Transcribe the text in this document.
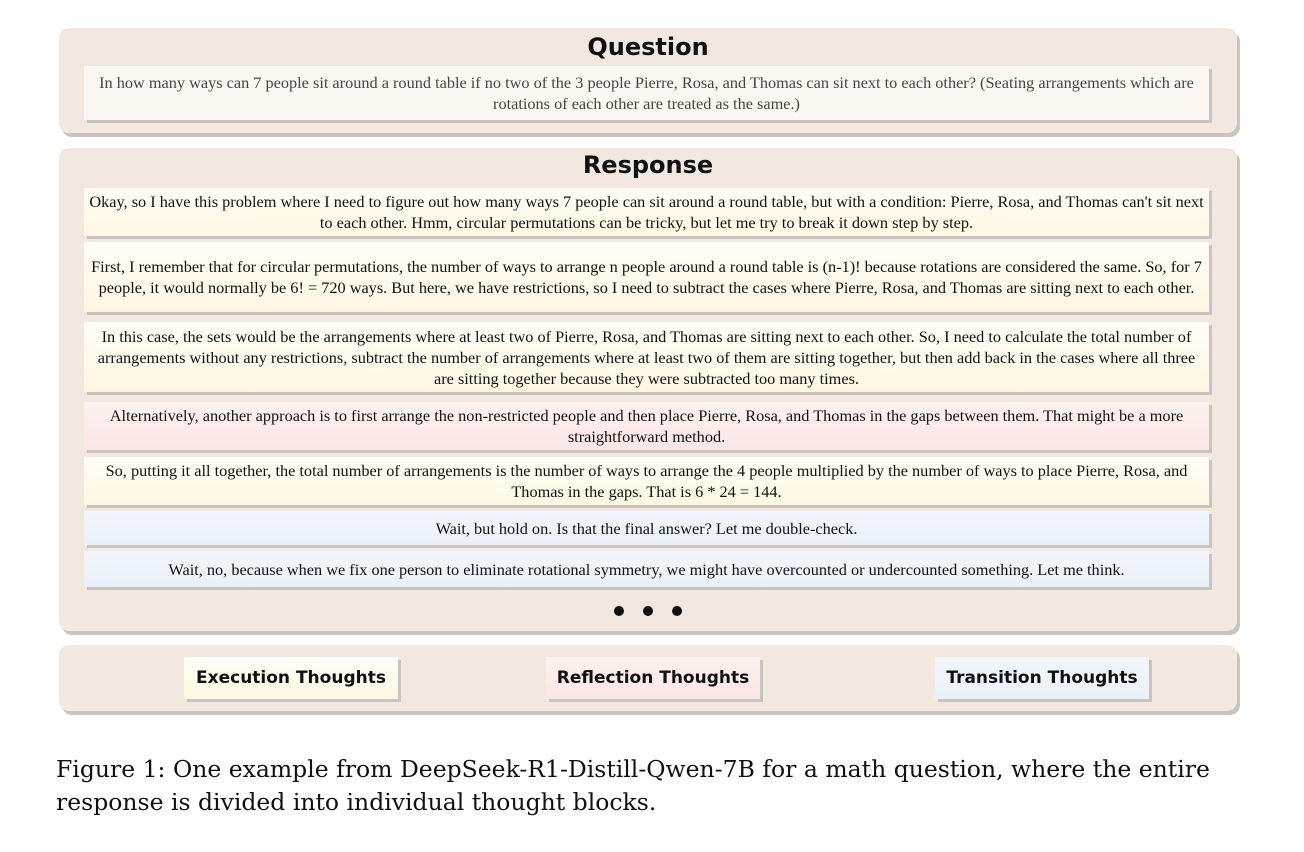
Question
In how many ways can 7 people sit around a round table if no two of the 3 people Pierre, Rosa, and Thomas can sit next to each other? (Seating arrangements which are rotations of each other are treated as the same.)
Response
Okay, so I have this problem where I need to figure out how many ways 7 people can sit around a round table, but with a condition: Pierre, Rosa, and Thomas can't sit next to each other. Hmm, circular permutations can be tricky, but let me try to break it down step by step.
First, I remember that for circular permutations, the number of ways to arrange n people around a round table is (n-1)! because rotations are considered the same. So, for 7 people, it would normally be 6! = 720 ways. But here, we have restrictions, so I need to subtract the cases where Pierre, Rosa, and Thomas are sitting next to each other.
In this case, the sets would be the arrangements where at least two of Pierre, Rosa, and Thomas are sitting next to each other. So, I need to calculate the total number of arrangements without any restrictions, subtract the number of arrangements where at least two of them are sitting together, but then add back in the cases where all three are sitting together because they were subtracted too many times.
Alternatively, another approach is to first arrange the non-restricted people and then place Pierre, Rosa, and Thomas in the gaps between them. That might be a more straightforward method.
So, putting it all together, the total number of arrangements is the number of ways to arrange the 4 people multiplied by the number of ways to place Pierre, Rosa, and Thomas in the gaps. That is 6 * 24 = 144.
Wait, but hold on. Is that the final answer? Let me double-check.
Wait, no, because when we fix one person to eliminate rotational symmetry, we might have overcounted or undercounted something. Let me think.
Execution Thoughts	Reflection Thoughts	Transition Thoughts
Figure 1: One example from DeepSeek-R1-Distill-Qwen-7B for a math question, where the entire response is divided into individual thought blocks.
